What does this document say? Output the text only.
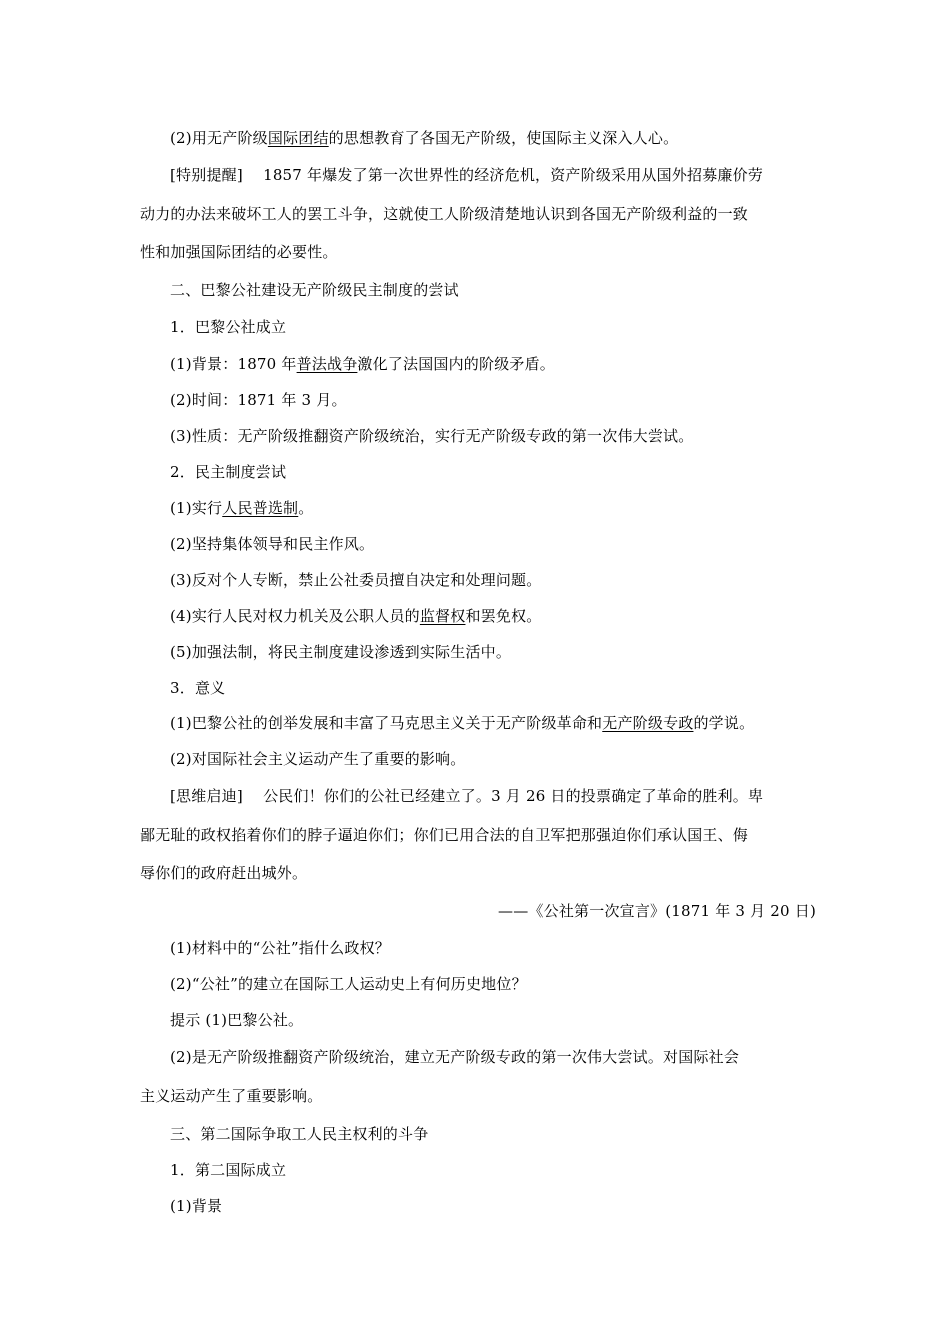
(2)用无产阶级国际团结的思想教育了各国无产阶级，使国际主义深入人心。
[特别提醒]　 1857 年爆发了第一次世界性的经济危机，资产阶级采用从国外招募廉价劳
动力的办法来破坏工人的罢工斗争，这就使工人阶级清楚地认识到各国无产阶级利益的一致
性和加强国际团结的必要性。
二、巴黎公社建设无产阶级民主制度的尝试
1．巴黎公社成立
(1)背景：1870 年普法战争激化了法国国内的阶级矛盾。
(2)时间：1871 年 3 月。
(3)性质：无产阶级推翻资产阶级统治，实行无产阶级专政的第一次伟大尝试。
2．民主制度尝试
(1)实行人民普选制。
(2)坚持集体领导和民主作风。
(3)反对个人专断，禁止公社委员擅自决定和处理问题。
(4)实行人民对权力机关及公职人员的监督权和罢免权。
(5)加强法制，将民主制度建设渗透到实际生活中。
3．意义
(1)巴黎公社的创举发展和丰富了马克思主义关于无产阶级革命和无产阶级专政的学说。
(2)对国际社会主义运动产生了重要的影响。
[思维启迪]　 公民们！你们的公社已经建立了。3 月 26 日的投票确定了革命的胜利。卑
鄙无耻的政权掐着你们的脖子逼迫你们；你们已用合法的自卫军把那强迫你们承认国王、侮
辱你们的政府赶出城外。
——《公社第一次宣言》(1871 年 3 月 20 日)
(1)材料中的“公社”指什么政权？
(2)“公社”的建立在国际工人运动史上有何历史地位？
提示 (1)巴黎公社。
(2)是无产阶级推翻资产阶级统治，建立无产阶级专政的第一次伟大尝试。对国际社会
主义运动产生了重要影响。
三、第二国际争取工人民主权利的斗争
1．第二国际成立
(1)背景
